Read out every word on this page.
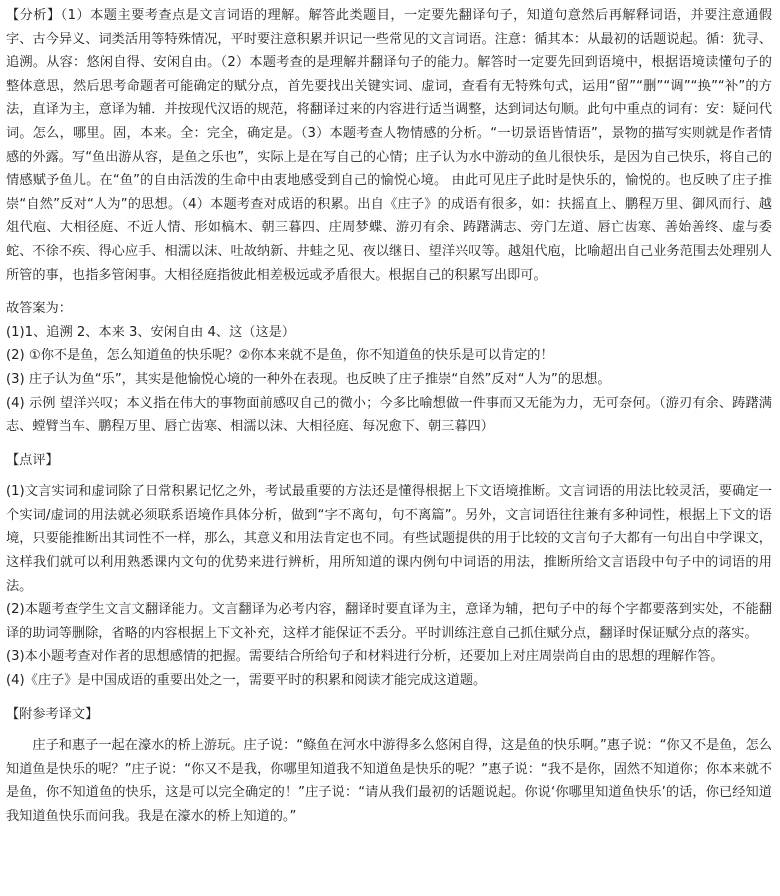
【分析】（1）本题主要考查点是文言词语的理解。解答此类题目，一定要先翻译句子，知道句意然后再解释词语，并要注意通假字、古今异义、词类活用等特殊情况，平时要注意积累并识记一些常见的文言词语。注意：循其本：从最初的话题说起。循：犹寻、追溯。从容：悠闲自得、安闲自由。（2）本题考查的是理解并翻译句子的能力。解答时一定要先回到语境中，根据语境读懂句子的整体意思，然后思考命题者可能确定的赋分点，首先要找出关键实词、虚词，查看有无特殊句式，运用“留”“删”“调”“换”“补”的方法，直译为主，意译为辅．并按现代汉语的规范，将翻译过来的内容进行适当调整，达到词达句顺。此句中重点的词有：安：疑问代词。怎么，哪里。固，本来。全：完全，确定是。（3）本题考查人物情感的分析。“一切景语皆情语”，景物的描写实则就是作者情感的外露。写“鱼出游从容，是鱼之乐也”，实际上是在写自己的心情；庄子认为水中游动的鱼儿很快乐，是因为自己快乐，将自己的情感赋予鱼儿。在“鱼”的自由活泼的生命中由衷地感受到自己的愉悦心境。 由此可见庄子此时是快乐的，愉悦的。也反映了庄子推崇“自然”反对“人为”的思想。（4）本题考查对成语的积累。出自《庄子》的成语有很多，如：扶摇直上、鹏程万里、御风而行、越俎代庖、大相径庭、不近人情、形如槁木、朝三暮四、庄周梦蝶、游刃有余、踌躇满志、旁门左道、唇亡齿寒、善始善终、虚与委蛇、不徐不疾、得心应手、相濡以沫、吐故纳新、井蛙之见、夜以继日、望洋兴叹等。越俎代庖，比喻超出自己业务范围去处理别人所管的事，也指多管闲事。大相径庭指彼此相差极远或矛盾很大。根据自己的积累写出即可。

故答案为：

(1)1、追溯 2、本来 3、安闲自由 4、这（这是）

(2) ①你不是鱼，怎么知道鱼的快乐呢？②你本来就不是鱼，你不知道鱼的快乐是可以肯定的！

(3) 庄子认为鱼“乐”，其实是他愉悦心境的一种外在表现。也反映了庄子推崇“自然”反对“人为”的思想。

(4) 示例 望洋兴叹；本义指在伟大的事物面前感叹自己的微小；今多比喻想做一件事而又无能为力，无可奈何。（游刃有余、踌躇满志、螳臂当车、鹏程万里、唇亡齿寒、相濡以沫、大相径庭、每况愈下、朝三暮四）

【点评】

(1)文言实词和虚词除了日常积累记忆之外，考试最重要的方法还是懂得根据上下文语境推断。文言词语的用法比较灵活，要确定一个实词/虚词的用法就必须联系语境作具体分析，做到“字不离句，句不离篇”。另外，文言词语往往兼有多种词性，根据上下文的语境，只要能推断出其词性不一样，那么，其意义和用法肯定也不同。有些试题提供的用于比较的文言句子大都有一句出自中学课文，这样我们就可以利用熟悉课内文句的优势来进行辨析，用所知道的课内例句中词语的用法，推断所给文言语段中句子中的词语的用法。

(2)本题考查学生文言文翻译能力。文言翻译为必考内容，翻译时要直译为主，意译为辅，把句子中的每个字都要落到实处，不能翻译的助词等删除，省略的内容根据上下文补充，这样才能保证不丢分。平时训练注意自己抓住赋分点，翻译时保证赋分点的落实。

(3)本小题考查对作者的思想感情的把握。需要结合所给句子和材料进行分析，还要加上对庄周崇尚自由的思想的理解作答。

(4)《庄子》是中国成语的重要出处之一，需要平时的积累和阅读才能完成这道题。

【附参考译文】

庄子和惠子一起在濠水的桥上游玩。庄子说：“鲦鱼在河水中游得多么悠闲自得，这是鱼的快乐啊。”惠子说：“你又不是鱼，怎么知道鱼是快乐的呢？”庄子说：“你又不是我，你哪里知道我不知道鱼是快乐的呢？”惠子说：“我不是你，固然不知道你；你本来就不是鱼，你不知道鱼的快乐，这是可以完全确定的！”庄子说：“请从我们最初的话题说起。你说‘你哪里知道鱼快乐’的话，你已经知道我知道鱼快乐而问我。我是在濠水的桥上知道的。”
